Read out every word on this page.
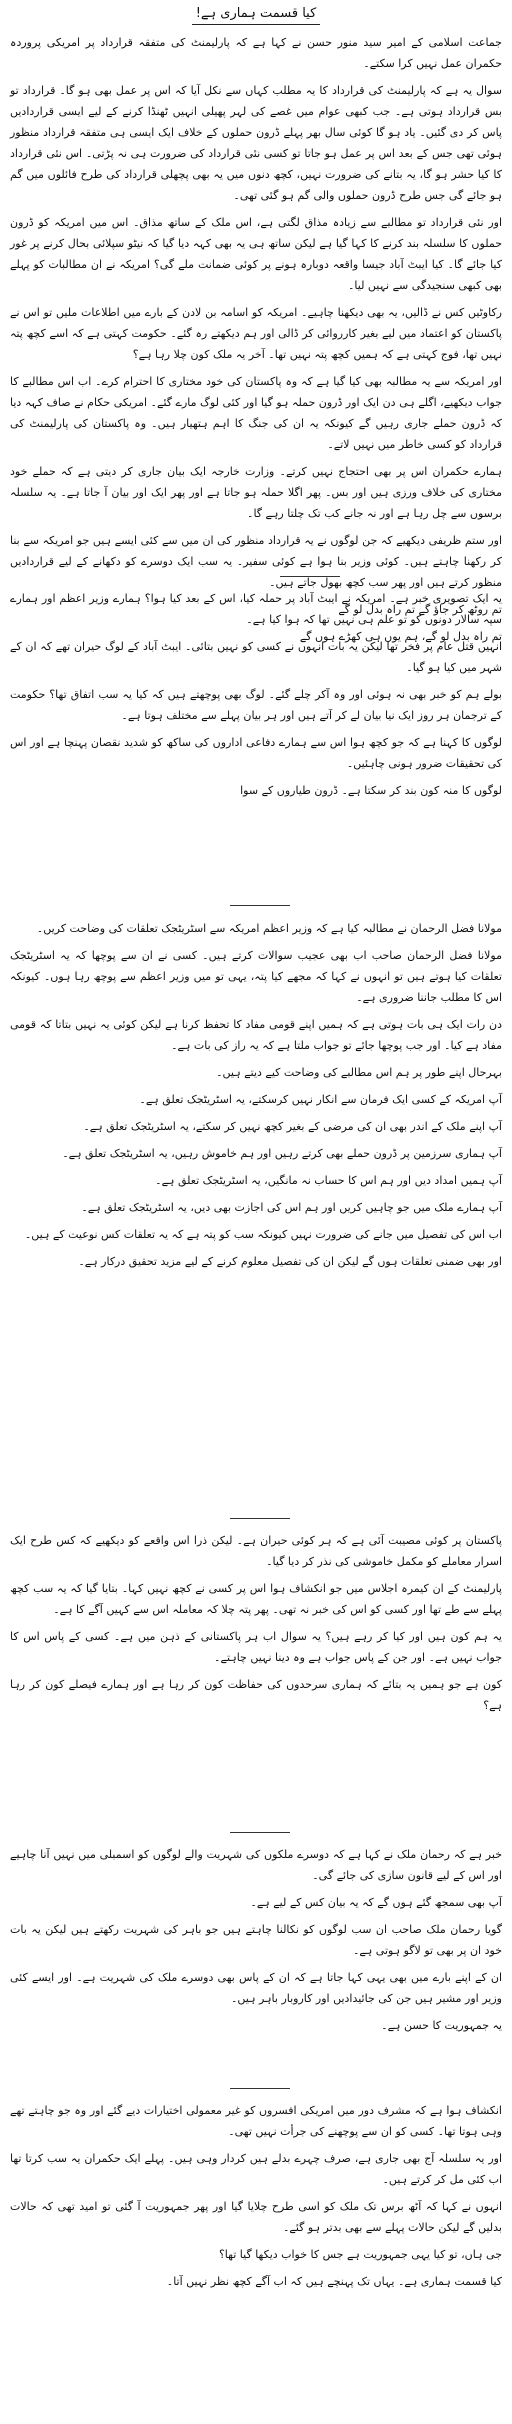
کیا قسمت ہماری ہے!

جماعت اسلامی کے امیر سید منور حسن نے کہا ہے کہ پارلیمنٹ کی متفقہ قرارداد پر امریکی پروردہ حکمران عمل نہیں کرا سکتے۔

سوال یہ ہے کہ پارلیمنٹ کی قرارداد کا یہ مطلب کہاں سے نکل آیا کہ اس پر عمل بھی ہو گا۔ قرارداد تو بس قرارداد ہوتی ہے۔ جب کبھی عوام میں غصے کی لہر پھیلی انہیں ٹھنڈا کرنے کے لیے ایسی قراردادیں پاس کر دی گئیں۔ یاد ہو گا کوئی سال بھر پہلے ڈرون حملوں کے خلاف ایک ایسی ہی متفقہ قرارداد منظور ہوئی تھی جس کے بعد اس پر عمل ہو جاتا تو کسی نئی قرارداد کی ضرورت ہی نہ پڑتی۔ اس نئی قرارداد کا کیا حشر ہو گا، یہ بتانے کی ضرورت نہیں، کچھ دنوں میں یہ بھی پچھلی قرارداد کی طرح فائلوں میں گم ہو جائے گی جس طرح ڈرون حملوں والی گم ہو گئی تھی۔

اور نئی قرارداد تو مطالبے سے زیادہ مذاق لگتی ہے، اس ملک کے ساتھ مذاق۔ اس میں امریکہ کو ڈرون حملوں کا سلسلہ بند کرنے کا کہا گیا ہے لیکن ساتھ ہی یہ بھی کہہ دیا گیا کہ نیٹو سپلائی بحال کرنے پر غور کیا جائے گا۔ کیا ایبٹ آباد جیسا واقعہ دوبارہ ہونے پر کوئی ضمانت ملے گی؟ امریکہ نے ان مطالبات کو پہلے بھی کبھی سنجیدگی سے نہیں لیا۔

رکاوٹیں کس نے ڈالیں، یہ بھی دیکھنا چاہیے۔ امریکہ کو اسامہ بن لادن کے بارے میں اطلاعات ملیں تو اس نے پاکستان کو اعتماد میں لیے بغیر کارروائی کر ڈالی اور ہم دیکھتے رہ گئے۔ حکومت کہتی ہے کہ اسے کچھ پتہ نہیں تھا، فوج کہتی ہے کہ ہمیں کچھ پتہ نہیں تھا۔ آخر یہ ملک کون چلا رہا ہے؟

اور امریکہ سے یہ مطالبہ بھی کیا گیا ہے کہ وہ پاکستان کی خود مختاری کا احترام کرے۔ اب اس مطالبے کا جواب دیکھیے، اگلے ہی دن ایک اور ڈرون حملہ ہو گیا اور کئی لوگ مارے گئے۔ امریکی حکام نے صاف کہہ دیا کہ ڈرون حملے جاری رہیں گے کیونکہ یہ ان کی جنگ کا اہم ہتھیار ہیں۔ وہ پاکستان کی پارلیمنٹ کی قرارداد کو کسی خاطر میں نہیں لاتے۔

ہمارے حکمران اس پر بھی احتجاج نہیں کرتے۔ وزارت خارجہ ایک بیان جاری کر دیتی ہے کہ حملے خود مختاری کی خلاف ورزی ہیں اور بس۔ پھر اگلا حملہ ہو جاتا ہے اور پھر ایک اور بیان آ جاتا ہے۔ یہ سلسلہ برسوں سے چل رہا ہے اور نہ جانے کب تک چلتا رہے گا۔

اور ستم ظریفی دیکھیے کہ جن لوگوں نے یہ قرارداد منظور کی ان میں سے کئی ایسے ہیں جو امریکہ سے بنا کر رکھنا چاہتے ہیں۔ کوئی وزیر بنا ہوا ہے کوئی سفیر۔ یہ سب ایک دوسرے کو دکھانے کے لیے قراردادیں منظور کرتے ہیں اور پھر سب کچھ بھول جاتے ہیں۔

تم روٹھ کر جاؤ گے تم راہ بدل لو گے

تم راہ بدل لو گے، ہم یوں ہی کھڑے ہوں گے

یہ ایک تصویری خبر ہے۔ امریکہ نے ایبٹ آباد پر حملہ کیا، اس کے بعد کیا ہوا؟ ہمارے وزیر اعظم اور ہمارے سپہ سالار دونوں کو تو علم ہی نہیں تھا کہ ہوا کیا ہے۔

انہیں قتل عام پر فخر تھا لیکن یہ بات انہوں نے کسی کو نہیں بتائی۔ ایبٹ آباد کے لوگ حیران تھے کہ ان کے شہر میں کیا ہو گیا۔

بولے ہم کو خبر بھی نہ ہوئی اور وہ آکر چلے گئے۔ لوگ بھی پوچھتے ہیں کہ کیا یہ سب اتفاق تھا؟ حکومت کے ترجمان ہر روز ایک نیا بیان لے کر آتے ہیں اور ہر بیان پہلے سے مختلف ہوتا ہے۔

لوگوں کا کہنا ہے کہ جو کچھ ہوا اس سے ہمارے دفاعی اداروں کی ساکھ کو شدید نقصان پہنچا ہے اور اس کی تحقیقات ضرور ہونی چاہئیں۔

لوگوں کا منہ کون بند کر سکتا ہے۔ ڈرون طیاروں کے سوا

مولانا فضل الرحمان نے مطالبہ کیا ہے کہ وزیر اعظم امریکہ سے اسٹریٹجک تعلقات کی وضاحت کریں۔

مولانا فضل الرحمان صاحب اب بھی عجیب سوالات کرتے ہیں۔ کسی نے ان سے پوچھا کہ یہ اسٹریٹجک تعلقات کیا ہوتے ہیں تو انہوں نے کہا کہ مجھے کیا پتہ، یہی تو میں وزیر اعظم سے پوچھ رہا ہوں۔ کیونکہ اس کا مطلب جاننا ضروری ہے۔

دن رات ایک ہی بات ہوتی ہے کہ ہمیں اپنے قومی مفاد کا تحفظ کرنا ہے لیکن کوئی یہ نہیں بتاتا کہ قومی مفاد ہے کیا۔ اور جب پوچھا جائے تو جواب ملتا ہے کہ یہ راز کی بات ہے۔

بہرحال اپنے طور پر ہم اس مطالبے کی وضاحت کیے دیتے ہیں۔

آپ امریکہ کے کسی ایک فرمان سے انکار نہیں کرسکتے، یہ اسٹریٹجک تعلق ہے۔

آپ اپنے ملک کے اندر بھی ان کی مرضی کے بغیر کچھ نہیں کر سکتے، یہ اسٹریٹجک تعلق ہے۔

آپ ہماری سرزمین پر ڈرون حملے بھی کرتے رہیں اور ہم خاموش رہیں، یہ اسٹریٹجک تعلق ہے۔

آپ ہمیں امداد دیں اور ہم اس کا حساب نہ مانگیں، یہ اسٹریٹجک تعلق ہے۔

آپ ہمارے ملک میں جو چاہیں کریں اور ہم اس کی اجازت بھی دیں، یہ اسٹریٹجک تعلق ہے۔

اب اس کی تفصیل میں جانے کی ضرورت نہیں کیونکہ سب کو پتہ ہے کہ یہ تعلقات کس نوعیت کے ہیں۔

اور بھی ضمنی تعلقات ہوں گے لیکن ان کی تفصیل معلوم کرنے کے لیے مزید تحقیق درکار ہے۔

پاکستان پر کوئی مصیبت آئی ہے کہ ہر کوئی حیران ہے۔ لیکن ذرا اس واقعے کو دیکھیے کہ کس طرح ایک اسرار معاملے کو مکمل خاموشی کی نذر کر دیا گیا۔

پارلیمنٹ کے ان کیمرہ اجلاس میں جو انکشاف ہوا اس پر کسی نے کچھ نہیں کہا۔ بتایا گیا کہ یہ سب کچھ پہلے سے طے تھا اور کسی کو اس کی خبر نہ تھی۔ پھر پتہ چلا کہ معاملہ اس سے کہیں آگے کا ہے۔

یہ ہم کون ہیں اور کیا کر رہے ہیں؟ یہ سوال اب ہر پاکستانی کے ذہن میں ہے۔ کسی کے پاس اس کا جواب نہیں ہے۔ اور جن کے پاس جواب ہے وہ دینا نہیں چاہتے۔

کون ہے جو ہمیں یہ بتائے کہ ہماری سرحدوں کی حفاظت کون کر رہا ہے اور ہمارے فیصلے کون کر رہا ہے؟

خبر ہے کہ رحمان ملک نے کہا ہے کہ دوسرے ملکوں کی شہریت والے لوگوں کو اسمبلی میں نہیں آنا چاہیے اور اس کے لیے قانون سازی کی جائے گی۔

آپ بھی سمجھ گئے ہوں گے کہ یہ بیان کس کے لیے ہے۔

گویا رحمان ملک صاحب ان سب لوگوں کو نکالنا چاہتے ہیں جو باہر کی شہریت رکھتے ہیں لیکن یہ بات خود ان پر بھی تو لاگو ہوتی ہے۔

ان کے اپنے بارے میں بھی یہی کہا جاتا ہے کہ ان کے پاس بھی دوسرے ملک کی شہریت ہے۔ اور ایسے کئی وزیر اور مشیر ہیں جن کی جائیدادیں اور کاروبار باہر ہیں۔

یہ جمہوریت کا حسن ہے۔

انکشاف ہوا ہے کہ مشرف دور میں امریکی افسروں کو غیر معمولی اختیارات دیے گئے اور وہ جو چاہتے تھے وہی ہوتا تھا۔ کسی کو ان سے پوچھنے کی جرأت نہیں تھی۔

اور یہ سلسلہ آج بھی جاری ہے، صرف چہرے بدلے ہیں کردار وہی ہیں۔ پہلے ایک حکمران یہ سب کرتا تھا اب کئی مل کر کرتے ہیں۔

انہوں نے کہا کہ آٹھ برس تک ملک کو اسی طرح چلایا گیا اور پھر جمہوریت آ گئی تو امید تھی کہ حالات بدلیں گے لیکن حالات پہلے سے بھی بدتر ہو گئے۔

جی ہاں، تو کیا یہی جمہوریت ہے جس کا خواب دیکھا گیا تھا؟

کیا قسمت ہماری ہے۔ یہاں تک پہنچے ہیں کہ اب آگے کچھ نظر نہیں آتا۔
